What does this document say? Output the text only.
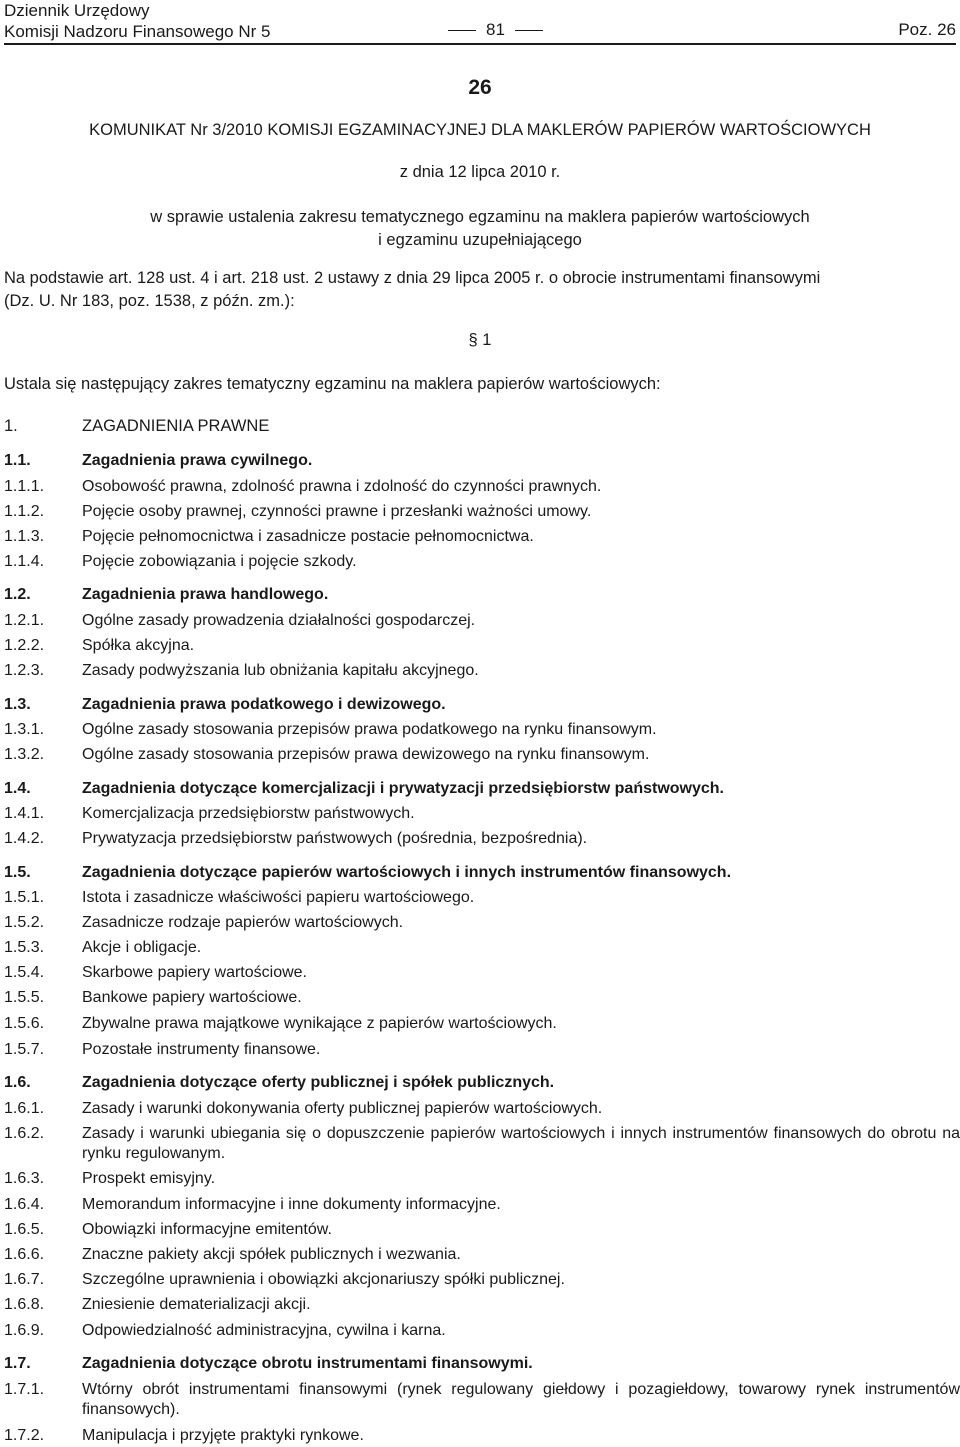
Dziennik Urzędowy
Komisji Nadzoru Finansowego Nr 5	81	Poz. 26
26
KOMUNIKAT Nr 3/2010 KOMISJI EGZAMINACYJNEJ DLA MAKLERÓW PAPIERÓW WARTOŚCIOWYCH
z dnia 12 lipca 2010 r.
w sprawie ustalenia zakresu tematycznego egzaminu na maklera papierów wartościowych
i egzaminu uzupełniającego
Na podstawie art. 128 ust. 4 i art. 218 ust. 2 ustawy z dnia 29 lipca 2005 r. o obrocie instrumentami finansowymi
(Dz. U. Nr 183, poz. 1538, z późn. zm.):
§ 1
Ustala się następujący zakres tematyczny egzaminu na maklera papierów wartościowych:
1.	ZAGADNIENIA PRAWNE
1.1.	Zagadnienia prawa cywilnego.
1.1.1. Osobowość prawna, zdolność prawna i zdolność do czynności prawnych.
1.1.2. Pojęcie osoby prawnej, czynności prawne i przesłanki ważności umowy.
1.1.3. Pojęcie pełnomocnictwa i zasadnicze postacie pełnomocnictwa.
1.1.4. Pojęcie zobowiązania i pojęcie szkody.
1.2.	Zagadnienia prawa handlowego.
1.2.1. Ogólne zasady prowadzenia działalności gospodarczej.
1.2.2. Spółka akcyjna.
1.2.3. Zasady podwyższania lub obniżania kapitału akcyjnego.
1.3.	Zagadnienia prawa podatkowego i dewizowego.
1.3.1. Ogólne zasady stosowania przepisów prawa podatkowego na rynku finansowym.
1.3.2. Ogólne zasady stosowania przepisów prawa dewizowego na rynku finansowym.
1.4.	Zagadnienia dotyczące komercjalizacji i prywatyzacji przedsiębiorstw państwowych.
1.4.1. Komercjalizacja przedsiębiorstw państwowych.
1.4.2. Prywatyzacja przedsiębiorstw państwowych (pośrednia, bezpośrednia).
1.5.	Zagadnienia dotyczące papierów wartościowych i innych instrumentów finansowych.
1.5.1. Istota i zasadnicze właściwości papieru wartościowego.
1.5.2. Zasadnicze rodzaje papierów wartościowych.
1.5.3. Akcje i obligacje.
1.5.4. Skarbowe papiery wartościowe.
1.5.5. Bankowe papiery wartościowe.
1.5.6. Zbywalne prawa majątkowe wynikające z papierów wartościowych.
1.5.7. Pozostałe instrumenty finansowe.
1.6.	Zagadnienia dotyczące oferty publicznej i spółek publicznych.
1.6.1. Zasady i warunki dokonywania oferty publicznej papierów wartościowych.
1.6.2. Zasady i warunki ubiegania się o dopuszczenie papierów wartościowych i innych instrumentów finansowych do obrotu na rynku regulowanym.
1.6.3. Prospekt emisyjny.
1.6.4. Memorandum informacyjne i inne dokumenty informacyjne.
1.6.5. Obowiązki informacyjne emitentów.
1.6.6. Znaczne pakiety akcji spółek publicznych i wezwania.
1.6.7. Szczególne uprawnienia i obowiązki akcjonariuszy spółki publicznej.
1.6.8. Zniesienie dematerializacji akcji.
1.6.9. Odpowiedzialność administracyjna, cywilna i karna.
1.7.	Zagadnienia dotyczące obrotu instrumentami finansowymi.
1.7.1. Wtórny obrót instrumentami finansowymi (rynek regulowany giełdowy i pozagiełdowy, towarowy rynek instrumentów finansowych).
1.7.2. Manipulacja i przyjęte praktyki rynkowe.
